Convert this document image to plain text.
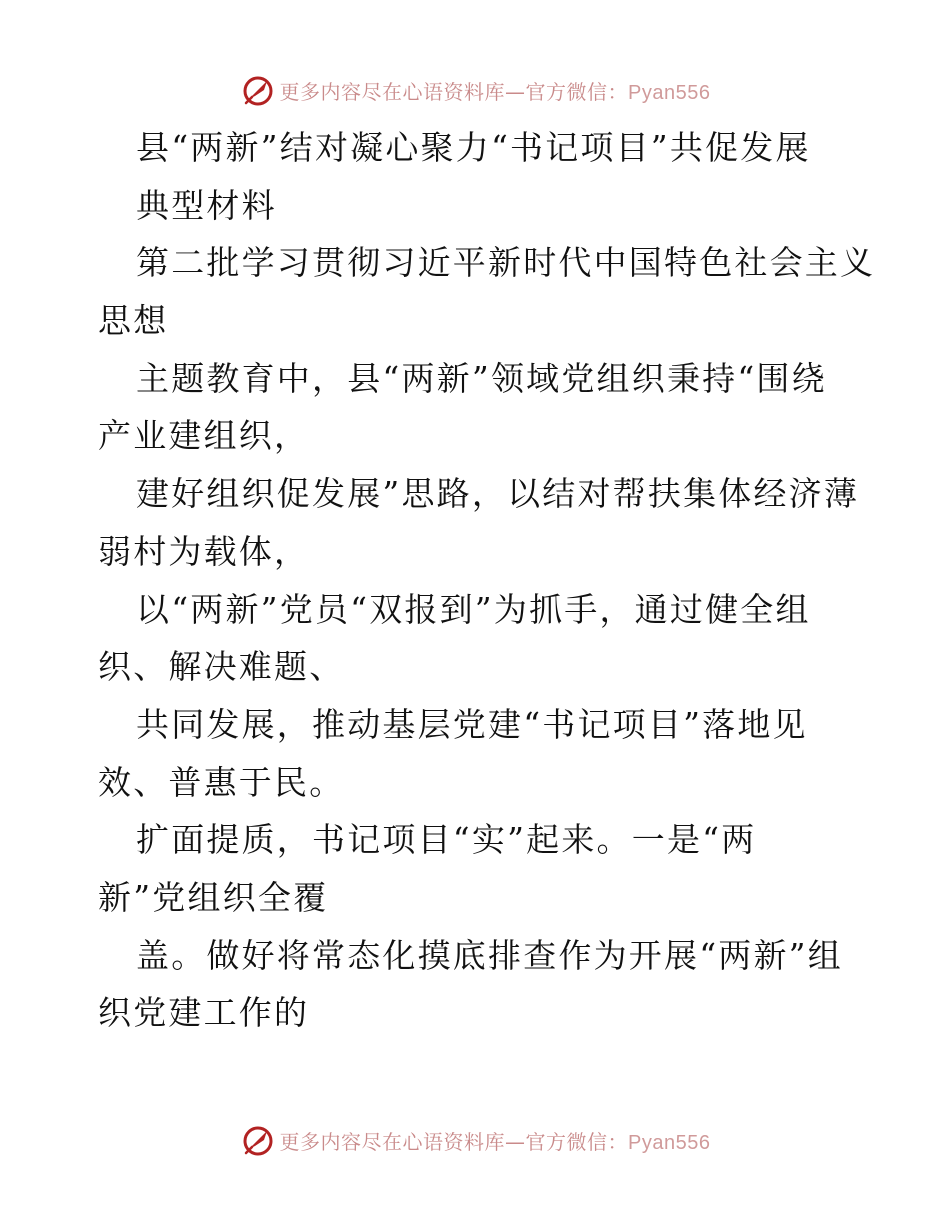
更多内容尽在心语资料库—官方微信：Pyan556
县“两新”结对凝心聚力“书记项目”共促发展
典型材料
第二批学习贯彻习近平新时代中国特色社会主义
思想
主题教育中，县“两新”领域党组织秉持“围绕
产业建组织，
建好组织促发展”思路，以结对帮扶集体经济薄
弱村为载体，
以“两新”党员“双报到”为抓手，通过健全组
织、解决难题、
共同发展，推动基层党建“书记项目”落地见
效、普惠于民。
扩面提质，书记项目“实”起来。一是“两
新”党组织全覆
盖。做好将常态化摸底排查作为开展“两新”组
织党建工作的
更多内容尽在心语资料库—官方微信：Pyan556
